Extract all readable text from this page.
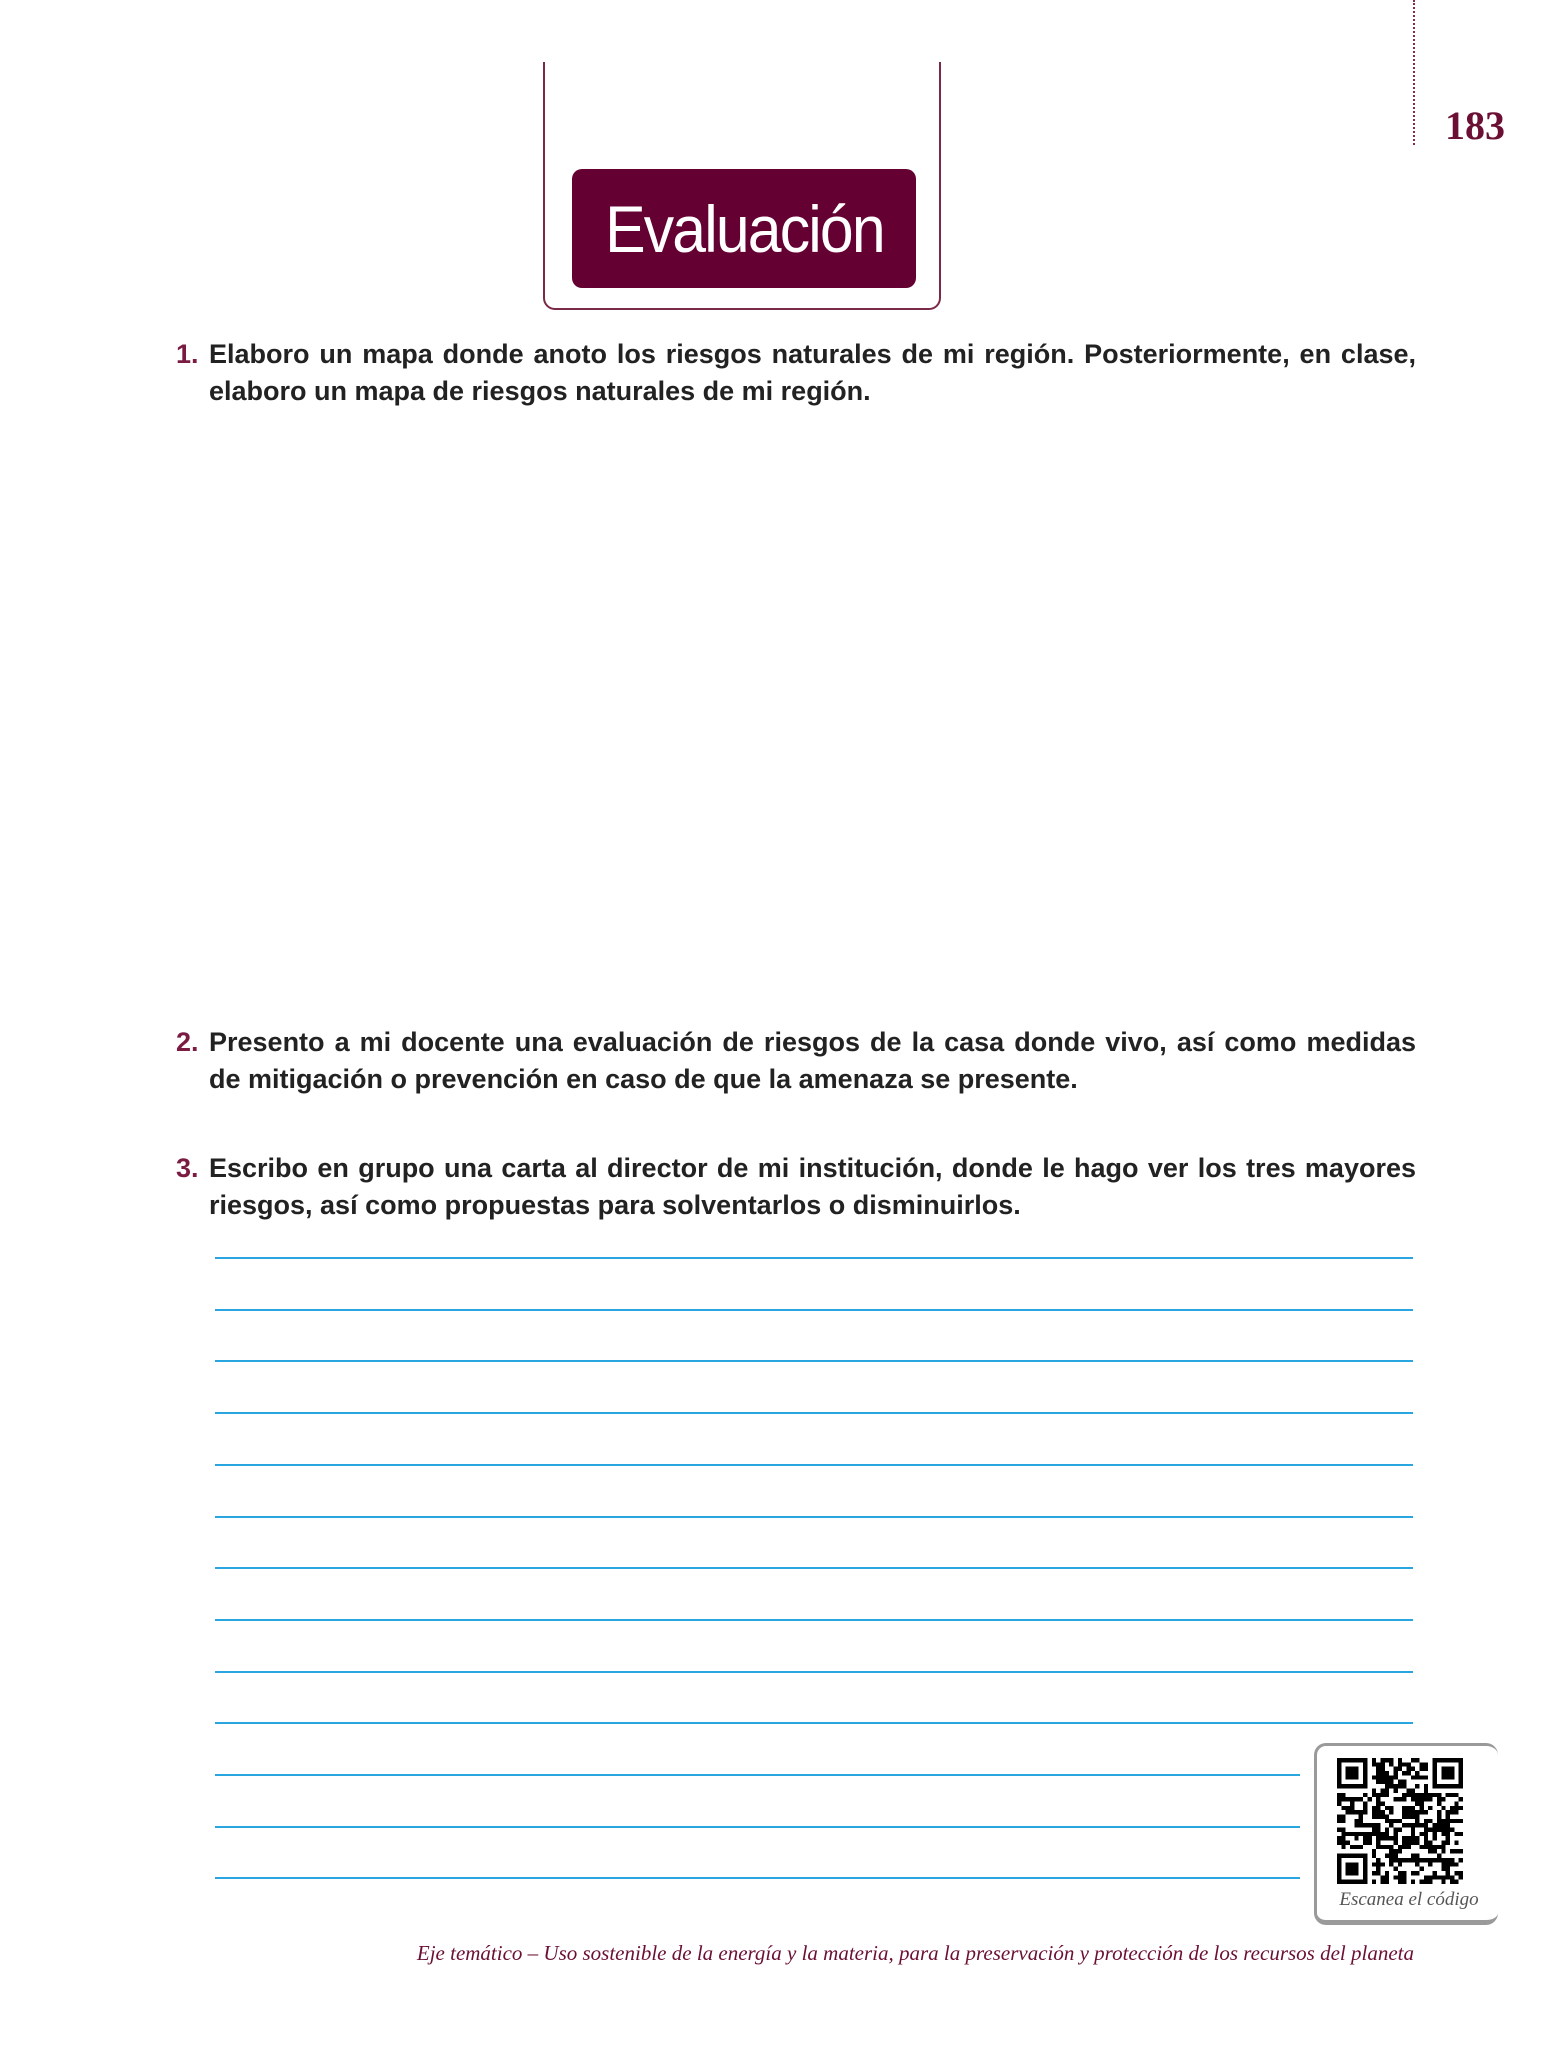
183
Evaluación
1. Elaboro un mapa donde anoto los riesgos naturales de mi región. Posteriormente, en clase, elaboro un mapa de riesgos naturales de mi región.
2. Presento a mi docente una evaluación de riesgos de la casa donde vivo, así como medidas de mitigación o prevención en caso de que la amenaza se presente.
3. Escribo en grupo una carta al director de mi institución, donde le hago ver los tres mayores riesgos, así como propuestas para solventarlos o disminuirlos.
Escanea el código
Eje temático – Uso sostenible de la energía y la materia, para la preservación y protección de los recursos del planeta
